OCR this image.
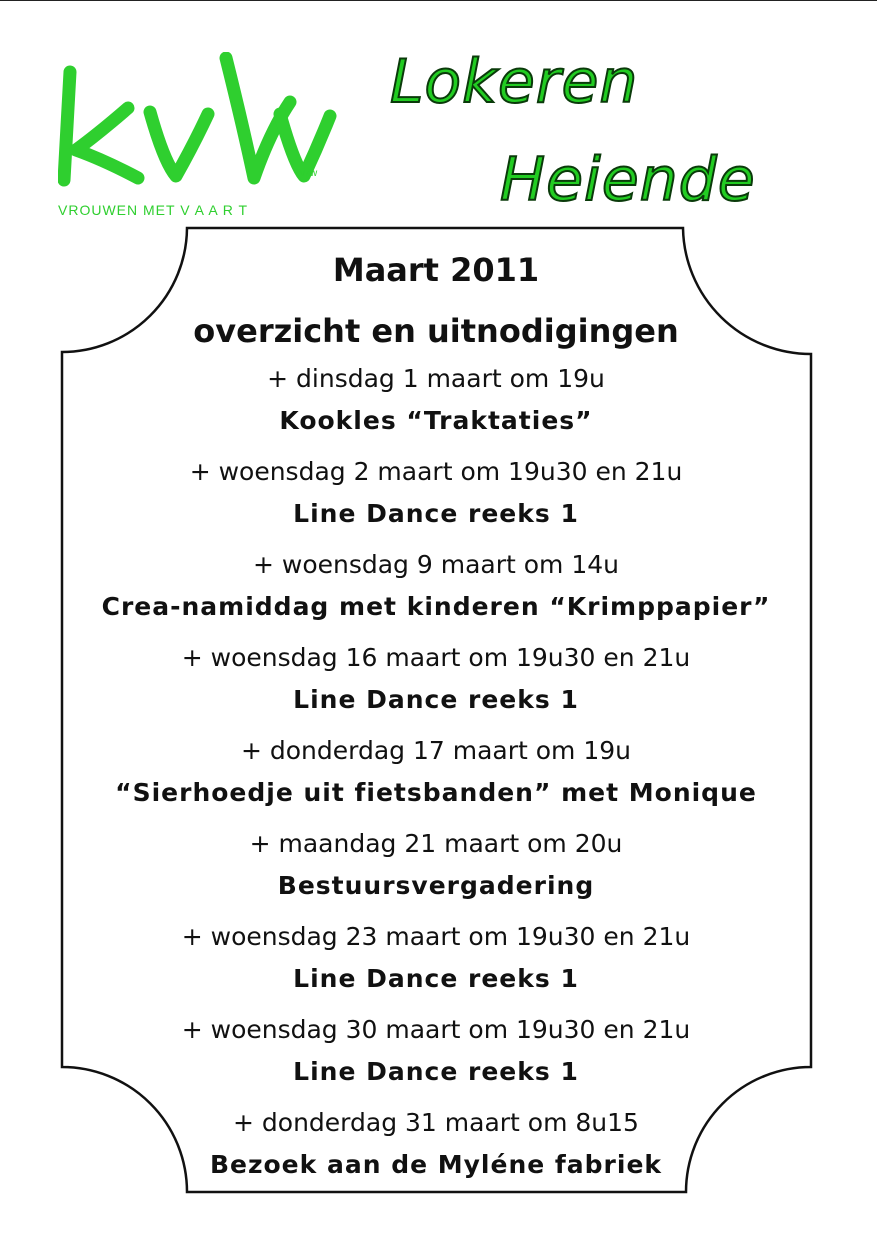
VROUWEN MET V A A R T
vzw
Lokeren
Heiende
Maart 2011
overzicht en uitnodigingen
+ dinsdag 1 maart om 19u
Kookles “Traktaties”
+ woensdag 2 maart om 19u30 en 21u
Line Dance reeks 1
+ woensdag 9 maart om 14u
Crea-namiddag met kinderen “Krimppapier”
+ woensdag 16 maart om 19u30 en 21u
Line Dance reeks 1
+ donderdag 17 maart om 19u
“Sierhoedje uit fietsbanden” met Monique
+ maandag 21 maart om 20u
Bestuursvergadering
+ woensdag 23 maart om 19u30 en 21u
Line Dance reeks 1
+ woensdag 30 maart om 19u30 en 21u
Line Dance reeks 1
+ donderdag 31 maart om 8u15
Bezoek aan de Myléne fabriek
